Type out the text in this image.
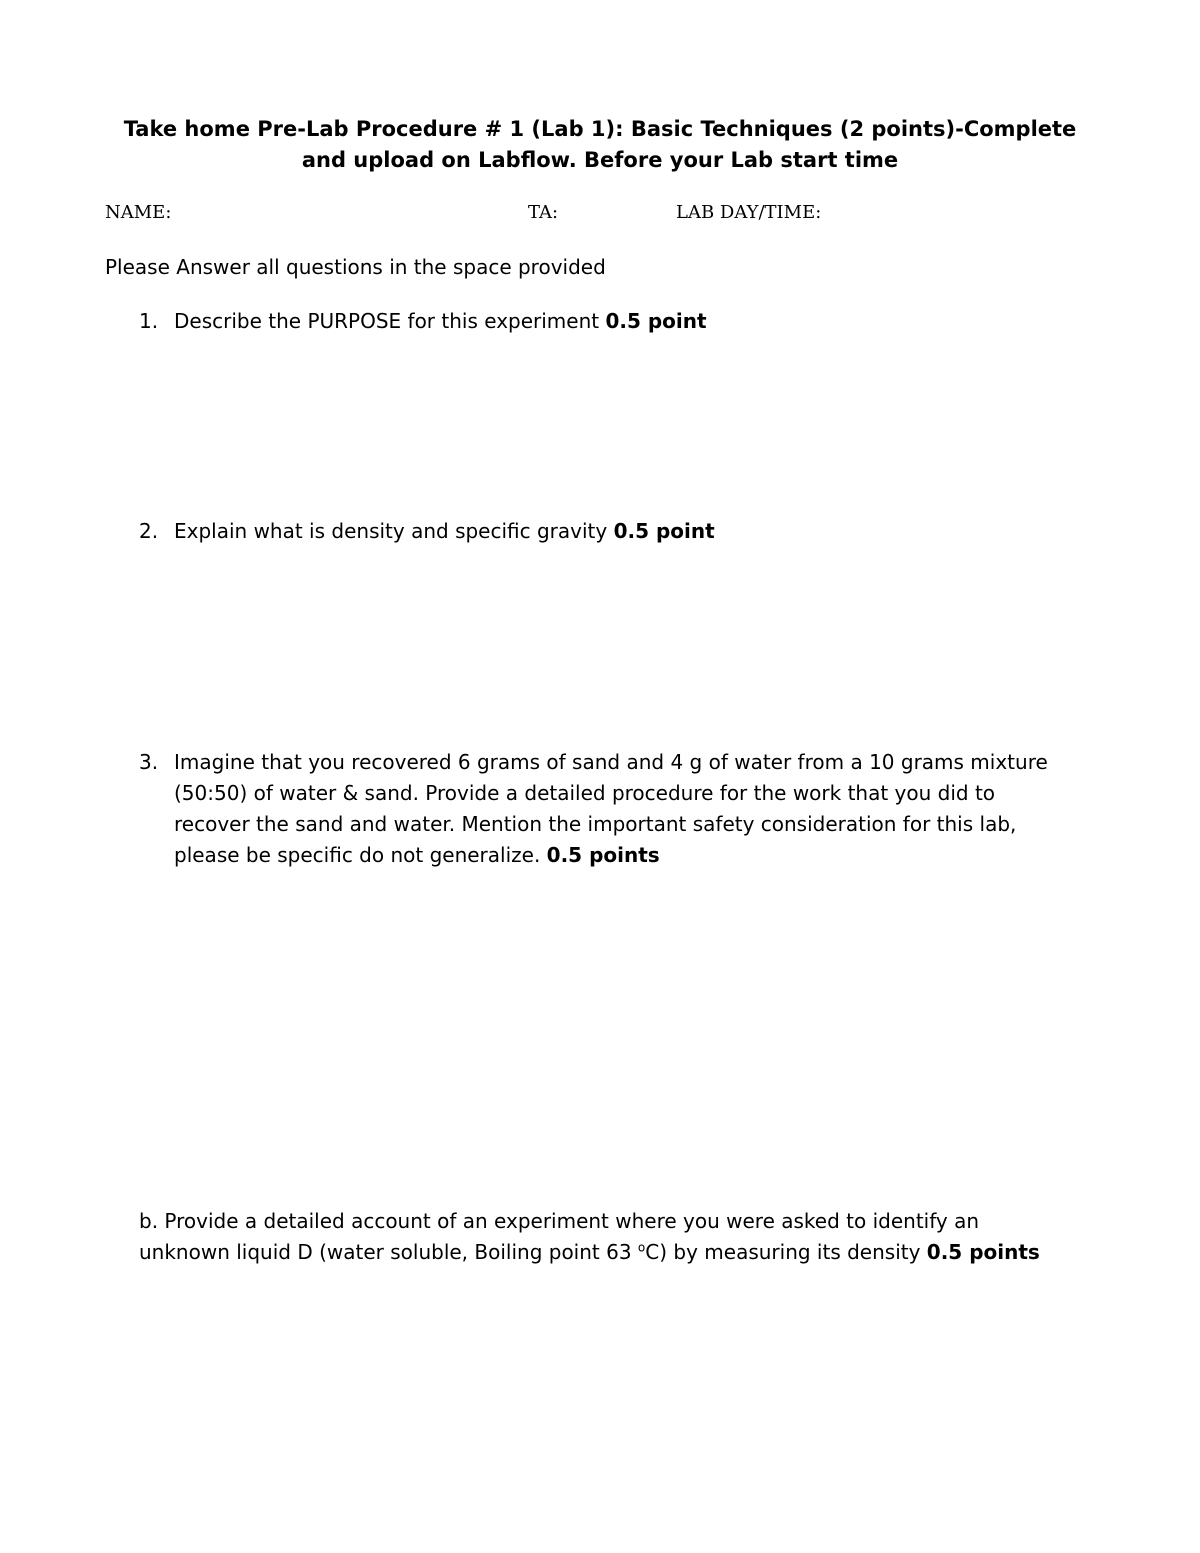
Take home Pre-Lab Procedure # 1 (Lab 1): Basic Techniques (2 points)-Complete
and upload on Labflow. Before your Lab start time
NAME:	TA:	LAB DAY/TIME:
Please Answer all questions in the space provided
1. Describe the PURPOSE for this experiment 0.5 point
2. Explain what is density and specific gravity 0.5 point
3. Imagine that you recovered 6 grams of sand and 4 g of water from a 10 grams mixture
(50:50) of water & sand. Provide a detailed procedure for the work that you did to
recover the sand and water. Mention the important safety consideration for this lab,
please be specific do not generalize. 0.5 points
b. Provide a detailed account of an experiment where you were asked to identify an
unknown liquid D (water soluble, Boiling point 63 $^o$C) by measuring its density 0.5 points
